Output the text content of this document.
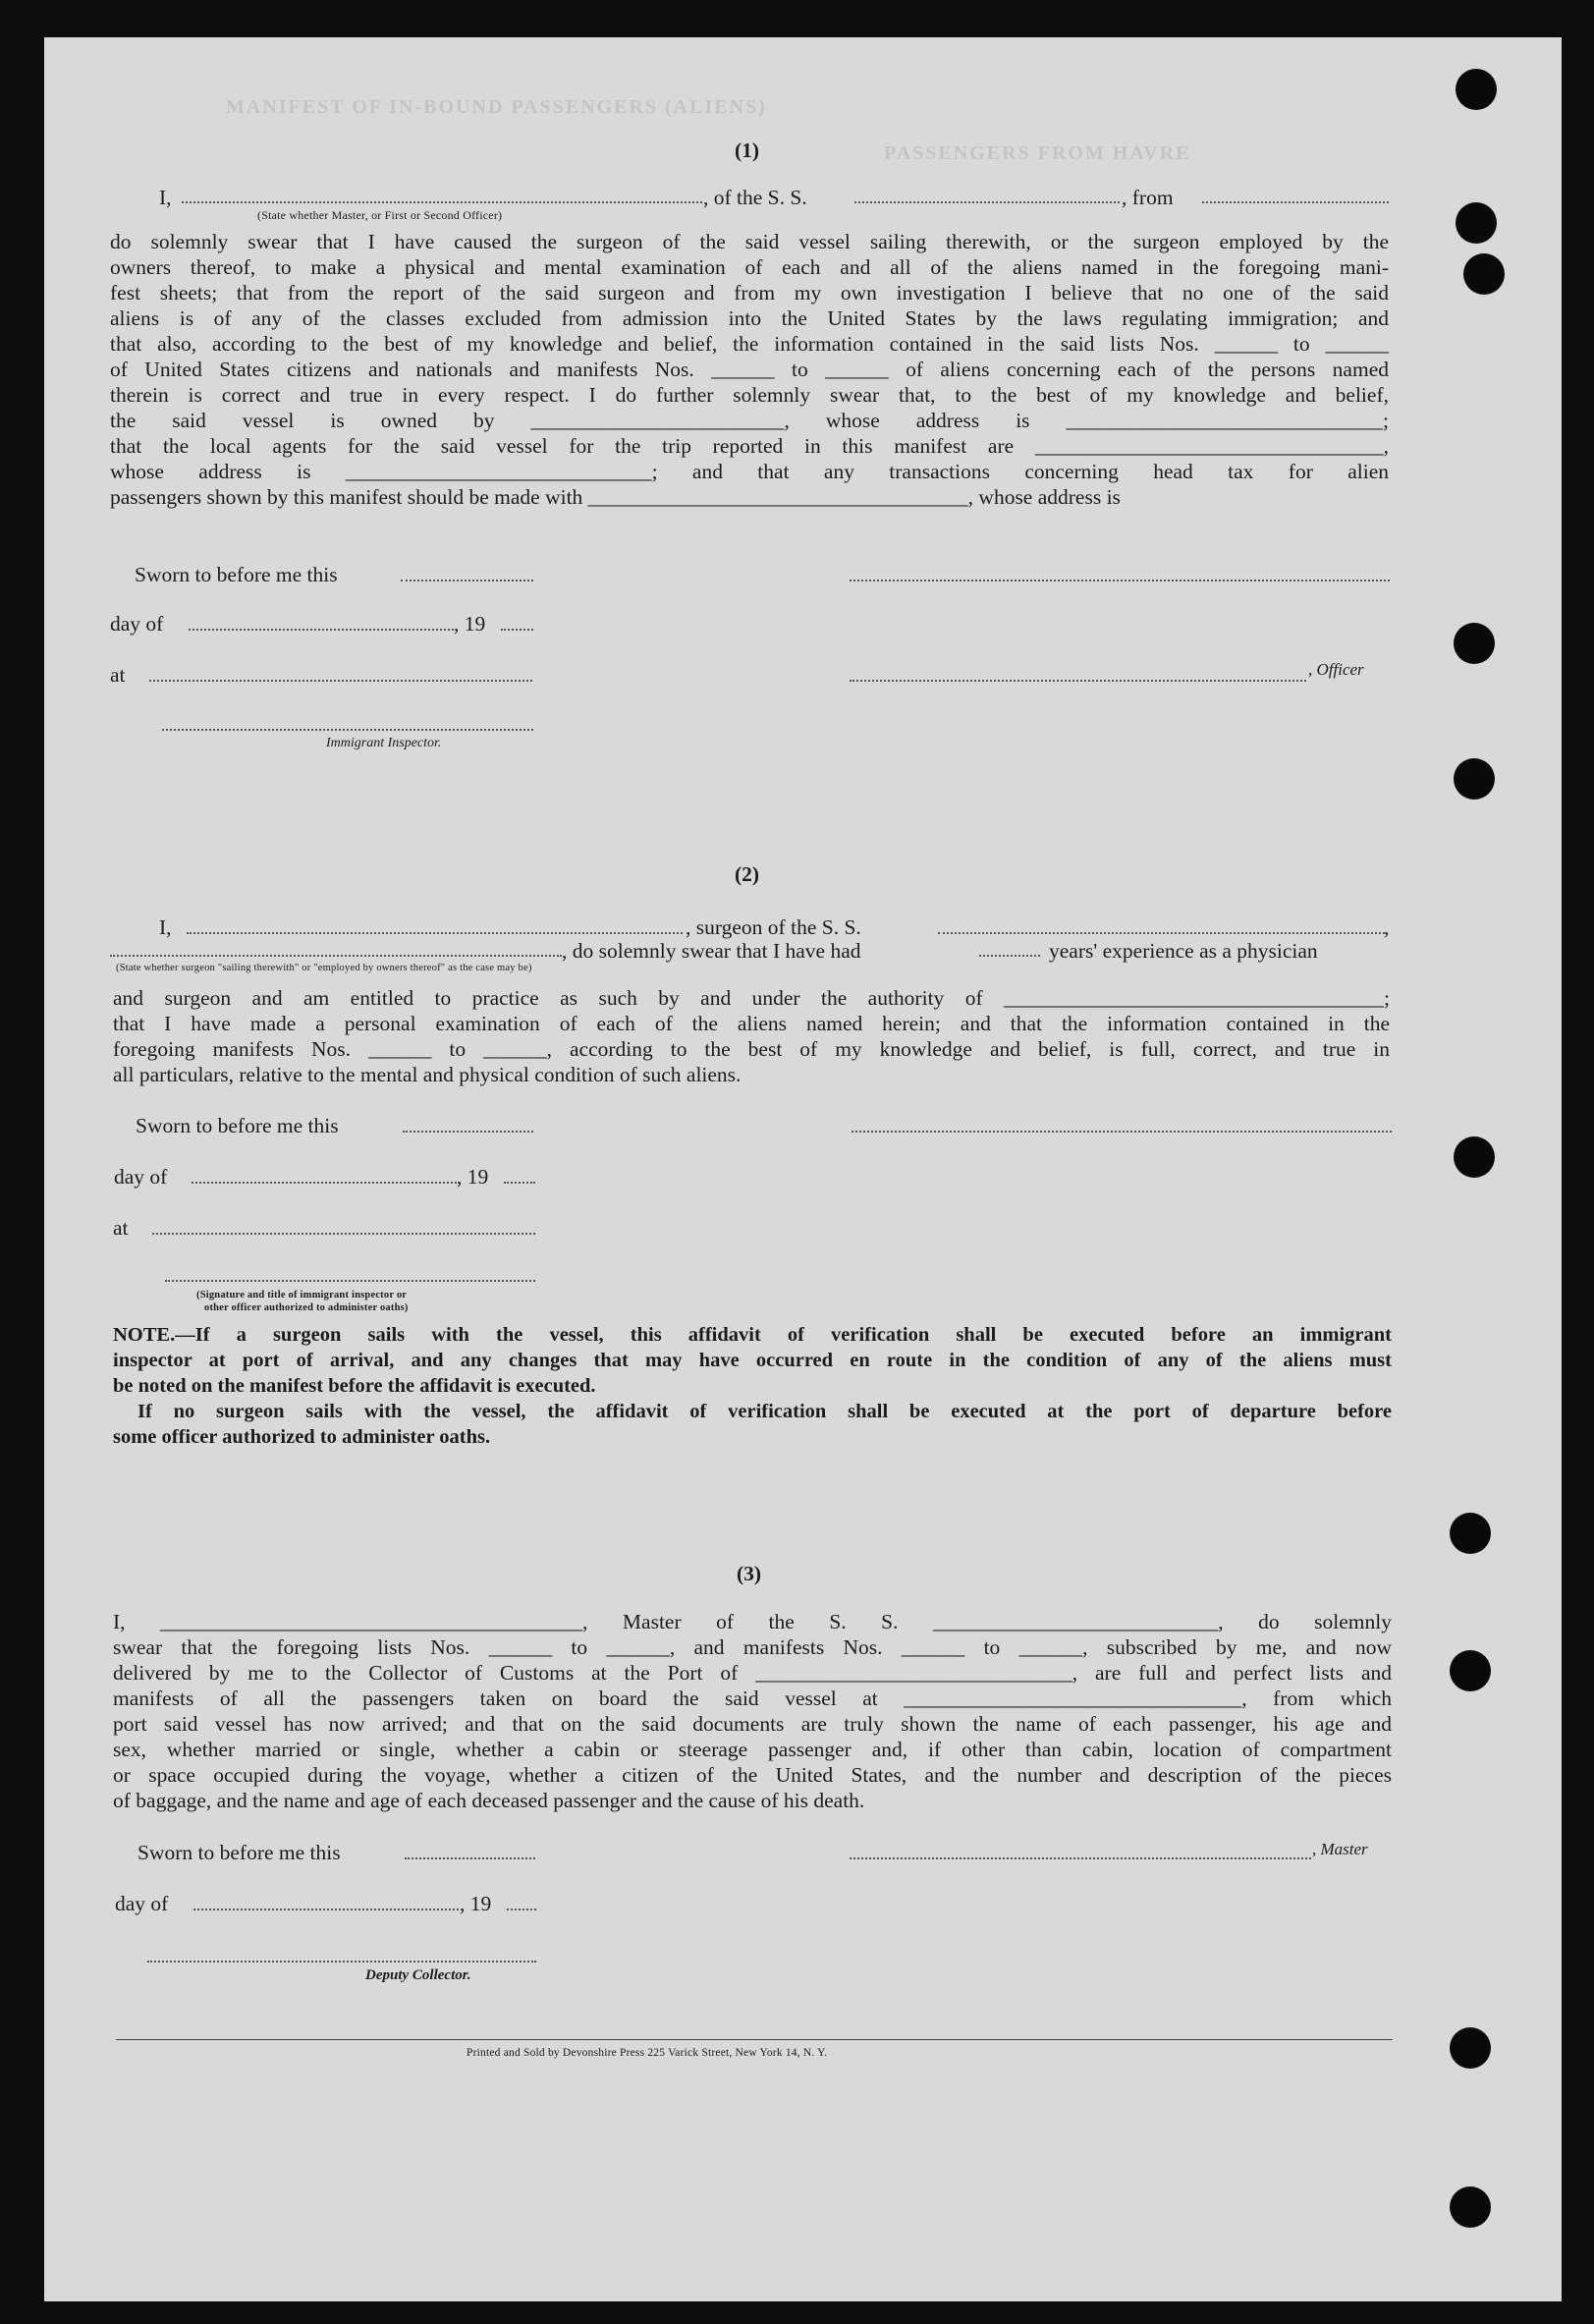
MANIFEST OF IN-BOUND PASSENGERS (ALIENS)
PASSENGERS FROM HAVRE
(1)
I,
(State whether Master, or First or Second Officer)
, of the S. S.	, from
do solemnly swear that I have caused the surgeon of the said vessel sailing therewith, or the surgeon employed by the
owners thereof, to make a physical and mental examination of each and all of the aliens named in the foregoing mani-
fest sheets; that from the report of the said surgeon and from my own investigation I believe that no one of the said
aliens is of any of the classes excluded from admission into the United States by the laws regulating immigration; and
that also, according to the best of my knowledge and belief, the information contained in the said lists Nos. ______ to ______
of United States citizens and nationals and manifests Nos. ______ to ______ of aliens concerning each of the persons named
therein is correct and true in every respect. I do further solemnly swear that, to the best of my knowledge and belief,
the said vessel is owned by ________________________, whose address is ______________________________;
that the local agents for the said vessel for the trip reported in this manifest are _________________________________,
whose address is _____________________________; and that any transactions concerning head tax for alien
passengers shown by this manifest should be made with ____________________________________, whose address is
Sworn to before me this
day of	, 19
at	, Officer
Immigrant Inspector.
(2)
I,	, surgeon of the S. S.	,
, do solemnly swear that I have had	years' experience as a physician
(State whether surgeon "sailing therewith" or "employed by owners thereof" as the case may be)
and surgeon and am entitled to practice as such by and under the authority of ____________________________________;
that I have made a personal examination of each of the aliens named herein; and that the information contained in the
foregoing manifests Nos. ______ to ______, according to the best of my knowledge and belief, is full, correct, and true in
all particulars, relative to the mental and physical condition of such aliens.
Sworn to before me this
day of	, 19
at
(Signature and title of immigrant inspector or
other officer authorized to administer oaths)
NOTE.—If a surgeon sails with the vessel, this affidavit of verification shall be executed before an immigrant
inspector at port of arrival, and any changes that may have occurred en route in the condition of any of the aliens must
be noted on the manifest before the affidavit is executed.
If no surgeon sails with the vessel, the affidavit of verification shall be executed at the port of departure before
some officer authorized to administer oaths.
(3)
I, ________________________________________, Master of the S. S. ___________________________, do solemnly
swear that the foregoing lists Nos. ______ to ______, and manifests Nos. ______ to ______, subscribed by me, and now
delivered by me to the Collector of Customs at the Port of ______________________________, are full and perfect lists and
manifests of all the passengers taken on board the said vessel at ________________________________, from which
port said vessel has now arrived; and that on the said documents are truly shown the name of each passenger, his age and
sex, whether married or single, whether a cabin or steerage passenger and, if other than cabin, location of compartment
or space occupied during the voyage, whether a citizen of the United States, and the number and description of the pieces
of baggage, and the name and age of each deceased passenger and the cause of his death.
Sworn to before me this	, Master
day of	, 19
Deputy Collector.
Printed and Sold by Devonshire Press 225 Varick Street, New York 14, N. Y.
